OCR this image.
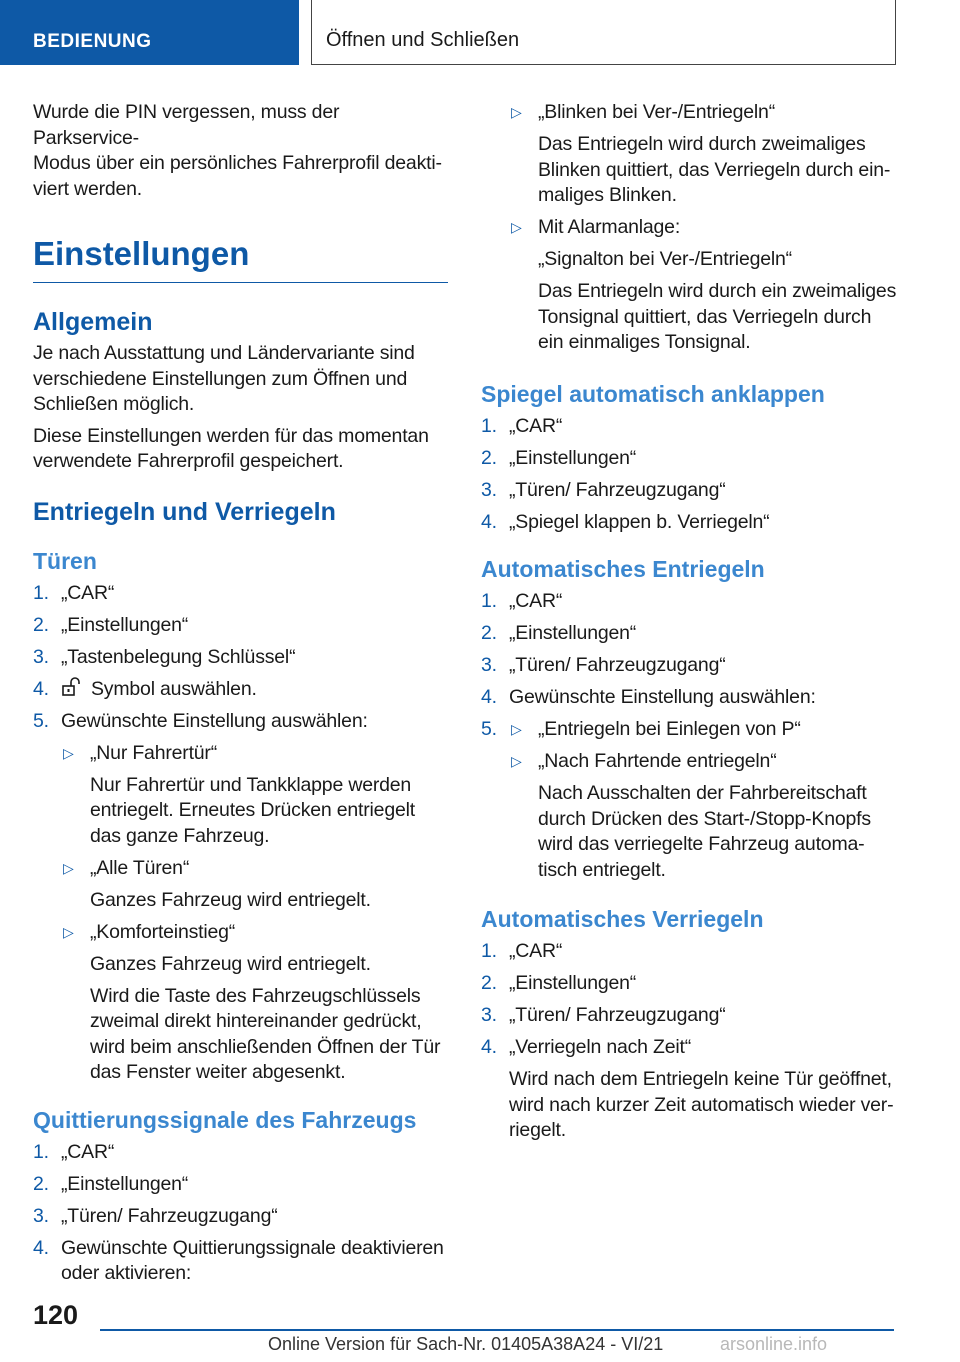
BEDIENUNG	Öffnen und Schließen
Wurde die PIN vergessen, muss der Parkservice-
Modus über ein persönliches Fahrerprofil deakti-
viert werden.
Einstellungen
Allgemein
Je nach Ausstattung und Ländervariante sind
verschiedene Einstellungen zum Öffnen und
Schließen möglich.
Diese Einstellungen werden für das momentan
verwendete Fahrerprofil gespeichert.
Entriegeln und Verriegeln
Türen
1. „CAR“
2. „Einstellungen“
3. „Tastenbelegung Schlüssel“
4. Symbol auswählen.
5. Gewünschte Einstellung auswählen:
▷ „Nur Fahrertür“
Nur Fahrertür und Tankklappe werden
entriegelt. Erneutes Drücken entriegelt
das ganze Fahrzeug.
▷ „Alle Türen“
Ganzes Fahrzeug wird entriegelt.
▷ „Komforteinstieg“
Ganzes Fahrzeug wird entriegelt.
Wird die Taste des Fahrzeugschlüssels
zweimal direkt hintereinander gedrückt,
wird beim anschließenden Öffnen der Tür
das Fenster weiter abgesenkt.
Quittierungssignale des Fahrzeugs
1. „CAR“
2. „Einstellungen“
3. „Türen/ Fahrzeugzugang“
4. Gewünschte Quittierungssignale deaktivieren
oder aktivieren:
▷ „Blinken bei Ver-/Entriegeln“
Das Entriegeln wird durch zweimaliges
Blinken quittiert, das Verriegeln durch ein-
maliges Blinken.
▷ Mit Alarmanlage:
„Signalton bei Ver-/Entriegeln“
Das Entriegeln wird durch ein zweimaliges
Tonsignal quittiert, das Verriegeln durch
ein einmaliges Tonsignal.
Spiegel automatisch anklappen
1. „CAR“
2. „Einstellungen“
3. „Türen/ Fahrzeugzugang“
4. „Spiegel klappen b. Verriegeln“
Automatisches Entriegeln
1. „CAR“
2. „Einstellungen“
3. „Türen/ Fahrzeugzugang“
4. Gewünschte Einstellung auswählen:
5. ▷ „Entriegeln bei Einlegen von P“
▷ „Nach Fahrtende entriegeln“
Nach Ausschalten der Fahrbereitschaft
durch Drücken des Start-/Stopp-Knopfs
wird das verriegelte Fahrzeug automa-
tisch entriegelt.
Automatisches Verriegeln
1. „CAR“
2. „Einstellungen“
3. „Türen/ Fahrzeugzugang“
4. „Verriegeln nach Zeit“
Wird nach dem Entriegeln keine Tür geöffnet,
wird nach kurzer Zeit automatisch wieder ver-
riegelt.
120
Online Version für Sach-Nr. 01405A38A24 - VI/21	arsonline.info
